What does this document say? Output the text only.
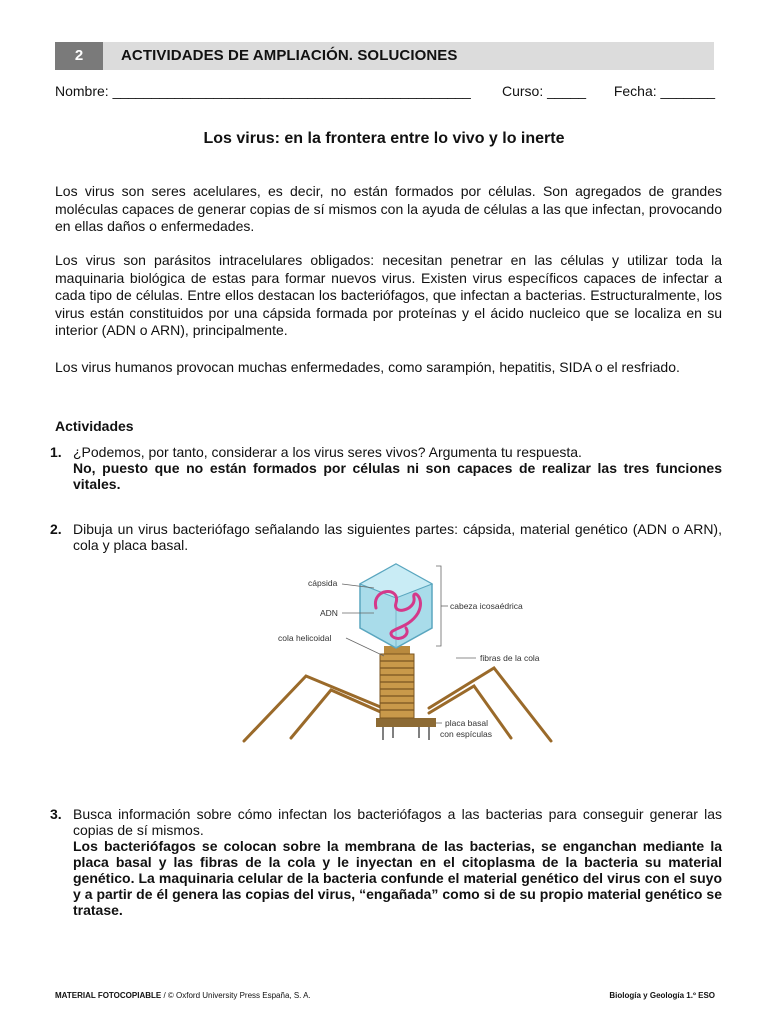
2	ACTIVIDADES DE AMPLIACIÓN. SOLUCIONES
Nombre: ______________________________________________ Curso: _____ Fecha: _______
Los virus: en la frontera entre lo vivo y lo inerte
Los virus son seres acelulares, es decir, no están formados por células. Son agregados de grandes moléculas capaces de generar copias de sí mismos con la ayuda de células a las que infectan, provocando en ellas daños o enfermedades.
Los virus son parásitos intracelulares obligados: necesitan penetrar en las células y utilizar toda la maquinaria biológica de estas para formar nuevos virus. Existen virus específicos capaces de infectar a cada tipo de células. Entre ellos destacan los bacteriófagos, que infectan a bacterias. Estructuralmente, los virus están constituidos por una cápsida formada por proteínas y el ácido nucleico que se localiza en su interior (ADN o ARN), principalmente.
Los virus humanos provocan muchas enfermedades, como sarampión, hepatitis, SIDA o el resfriado.
Actividades
1. ¿Podemos, por tanto, considerar a los virus seres vivos? Argumenta tu respuesta.
No, puesto que no están formados por células ni son capaces de realizar las tres funciones vitales.
2. Dibuja un virus bacteriófago señalando las siguientes partes: cápsida, material genético (ADN o ARN), cola y placa basal.
cápsida
ADN
cola helicoidal
cabeza icosaédrica
fibras de la cola
placa basal
con espículas
3. Busca información sobre cómo infectan los bacteriófagos a las bacterias para conseguir generar las copias de sí mismos.
Los bacteriófagos se colocan sobre la membrana de las bacterias, se enganchan mediante la placa basal y las fibras de la cola y le inyectan en el citoplasma de la bacteria su material genético. La maquinaria celular de la bacteria confunde el material genético del virus con el suyo y a partir de él genera las copias del virus, “engañada” como si de su propio material genético se tratase.
MATERIAL FOTOCOPIABLE / © Oxford University Press España, S. A.	Biología y Geología 1.º ESO
